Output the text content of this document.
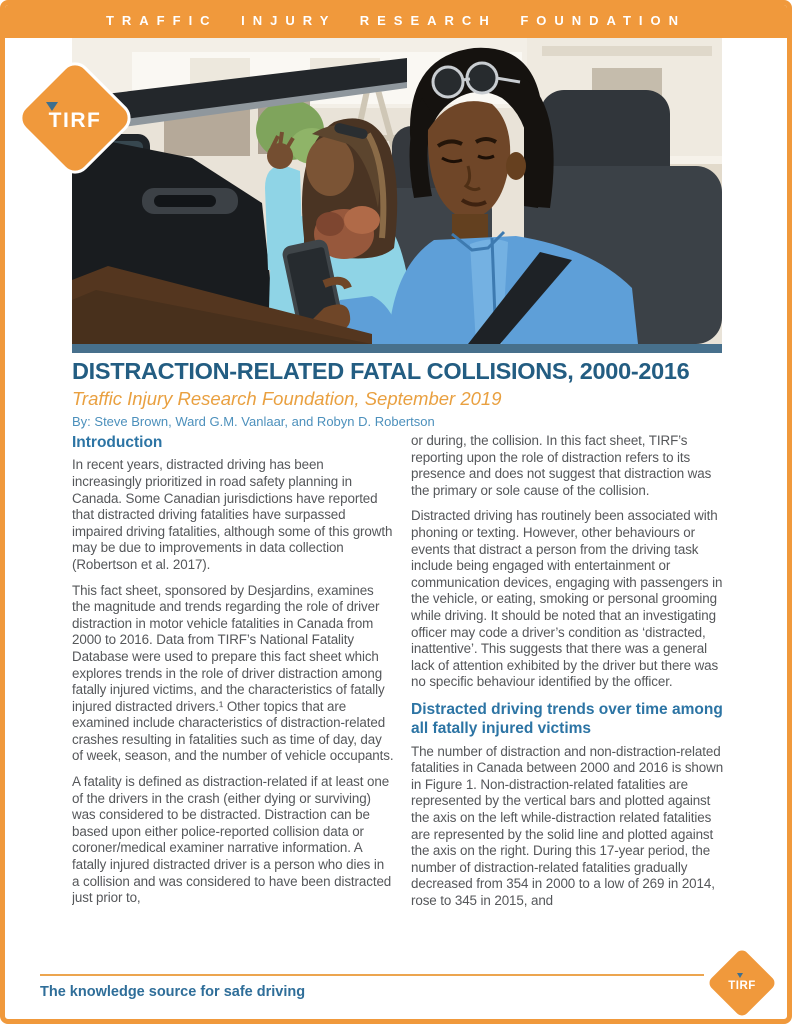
TRAFFIC INJURY RESEARCH FOUNDATION
TIRF
DISTRACTION-RELATED FATAL COLLISIONS, 2000-2016
Traffic Injury Research Foundation, September 2019
By: Steve Brown, Ward G.M. Vanlaar, and Robyn D. Robertson
Introduction

In recent years, distracted driving has been increasingly prioritized in road safety planning in Canada. Some Canadian jurisdictions have reported that distracted driving fatalities have surpassed impaired driving fatalities, although some of this growth may be due to improvements in data collection (Robertson et al. 2017).

This fact sheet, sponsored by Desjardins, examines the magnitude and trends regarding the role of driver distraction in motor vehicle fatalities in Canada from 2000 to 2016. Data from TIRF’s National Fatality Database were used to prepare this fact sheet which explores trends in the role of driver distraction among fatally injured victims, and the characteristics of fatally injured distracted drivers.¹ Other topics that are examined include characteristics of distraction-related crashes resulting in fatalities such as time of day, day of week, season, and the number of vehicle occupants.

A fatality is defined as distraction-related if at least one of the drivers in the crash (either dying or surviving) was considered to be distracted. Distraction can be based upon either police-reported collision data or coroner/medical examiner narrative information. A fatally injured distracted driver is a person who dies in a collision and was considered to have been distracted just prior to,

or during, the collision. In this fact sheet, TIRF’s reporting upon the role of distraction refers to its presence and does not suggest that distraction was the primary or sole cause of the collision.

Distracted driving has routinely been associated with phoning or texting. However, other behaviours or events that distract a person from the driving task include being engaged with entertainment or communication devices, engaging with passengers in the vehicle, or eating, smoking or personal grooming while driving. It should be noted that an investigating officer may code a driver’s condition as ‘distracted, inattentive’. This suggests that there was a general lack of attention exhibited by the driver but there was no specific behaviour identified by the officer.

Distracted driving trends over time among all fatally injured victims

The number of distraction and non-distraction-related fatalities in Canada between 2000 and 2016 is shown in Figure 1. Non-distraction-related fatalities are represented by the vertical bars and plotted against the axis on the left while-distraction related fatalities are represented by the solid line and plotted against the axis on the right. During this 17-year period, the number of distraction-related fatalities gradually decreased from 354 in 2000 to a low of 269 in 2014, rose to 345 in 2015, and

The knowledge source for safe driving	TIRF
